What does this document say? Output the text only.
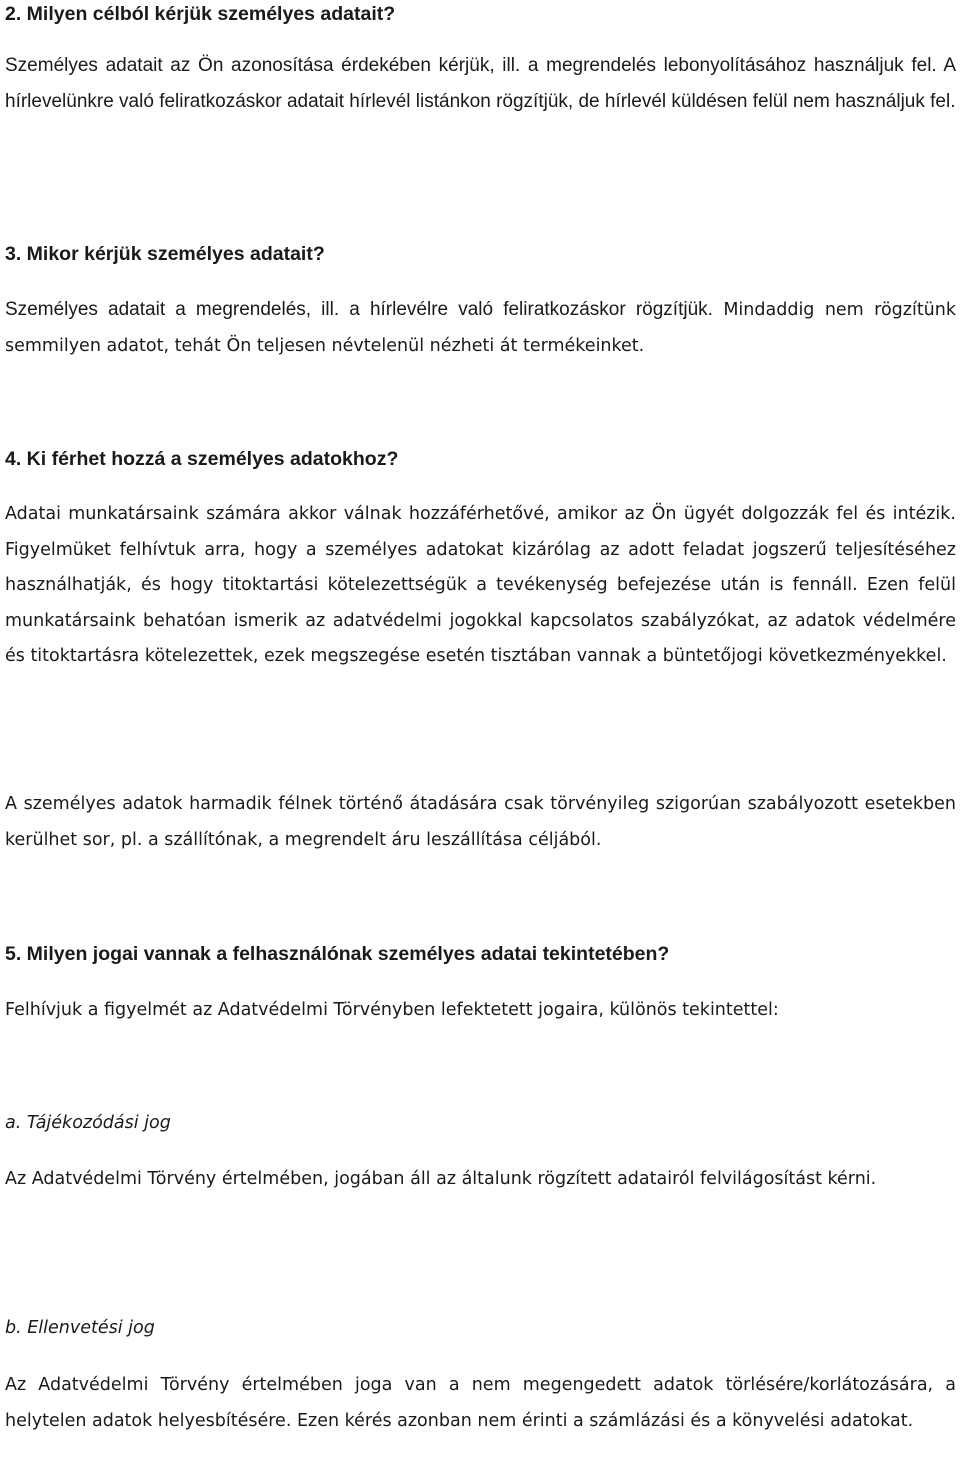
2. Milyen célból kérjük személyes adatait?

Személyes adatait az Ön azonosítása érdekében kérjük, ill. a megrendelés lebonyolításához használjuk fel. A hírlevelünkre való feliratkozáskor adatait hírlevél listánkon rögzítjük, de hírlevél küldésen felül nem használjuk fel.

3. Mikor kérjük személyes adatait?

Személyes adatait a megrendelés, ill. a hírlevélre való feliratkozáskor rögzítjük. Mindaddig nem rögzítünk semmilyen adatot, tehát Ön teljesen névtelenül nézheti át termékeinket.

4. Ki férhet hozzá a személyes adatokhoz?

Adatai munkatársaink számára akkor válnak hozzáférhetővé, amikor az Ön ügyét dolgozzák fel és intézik. Figyelmüket felhívtuk arra, hogy a személyes adatokat kizárólag az adott feladat jogszerű teljesítéséhez használhatják, és hogy titoktartási kötelezettségük a tevékenység befejezése után is fennáll. Ezen felül munkatársaink behatóan ismerik az adatvédelmi jogokkal kapcsolatos szabályzókat, az adatok védelmére és titoktartásra kötelezettek, ezek megszegése esetén tisztában vannak a büntetőjogi következményekkel.

A személyes adatok harmadik félnek történő átadására csak törvényileg szigorúan szabályozott esetekben kerülhet sor, pl. a szállítónak, a megrendelt áru leszállítása céljából.

5. Milyen jogai vannak a felhasználónak személyes adatai tekintetében?

Felhívjuk a figyelmét az Adatvédelmi Törvényben lefektetett jogaira, különös tekintettel:

a. Tájékozódási jog

Az Adatvédelmi Törvény értelmében, jogában áll az általunk rögzített adatairól felvilágosítást kérni.

b. Ellenvetési jog

Az Adatvédelmi Törvény értelmében joga van a nem megengedett adatok törlésére/korlátozására, a helytelen adatok helyesbítésére. Ezen kérés azonban nem érinti a számlázási és a könyvelési adatokat.
